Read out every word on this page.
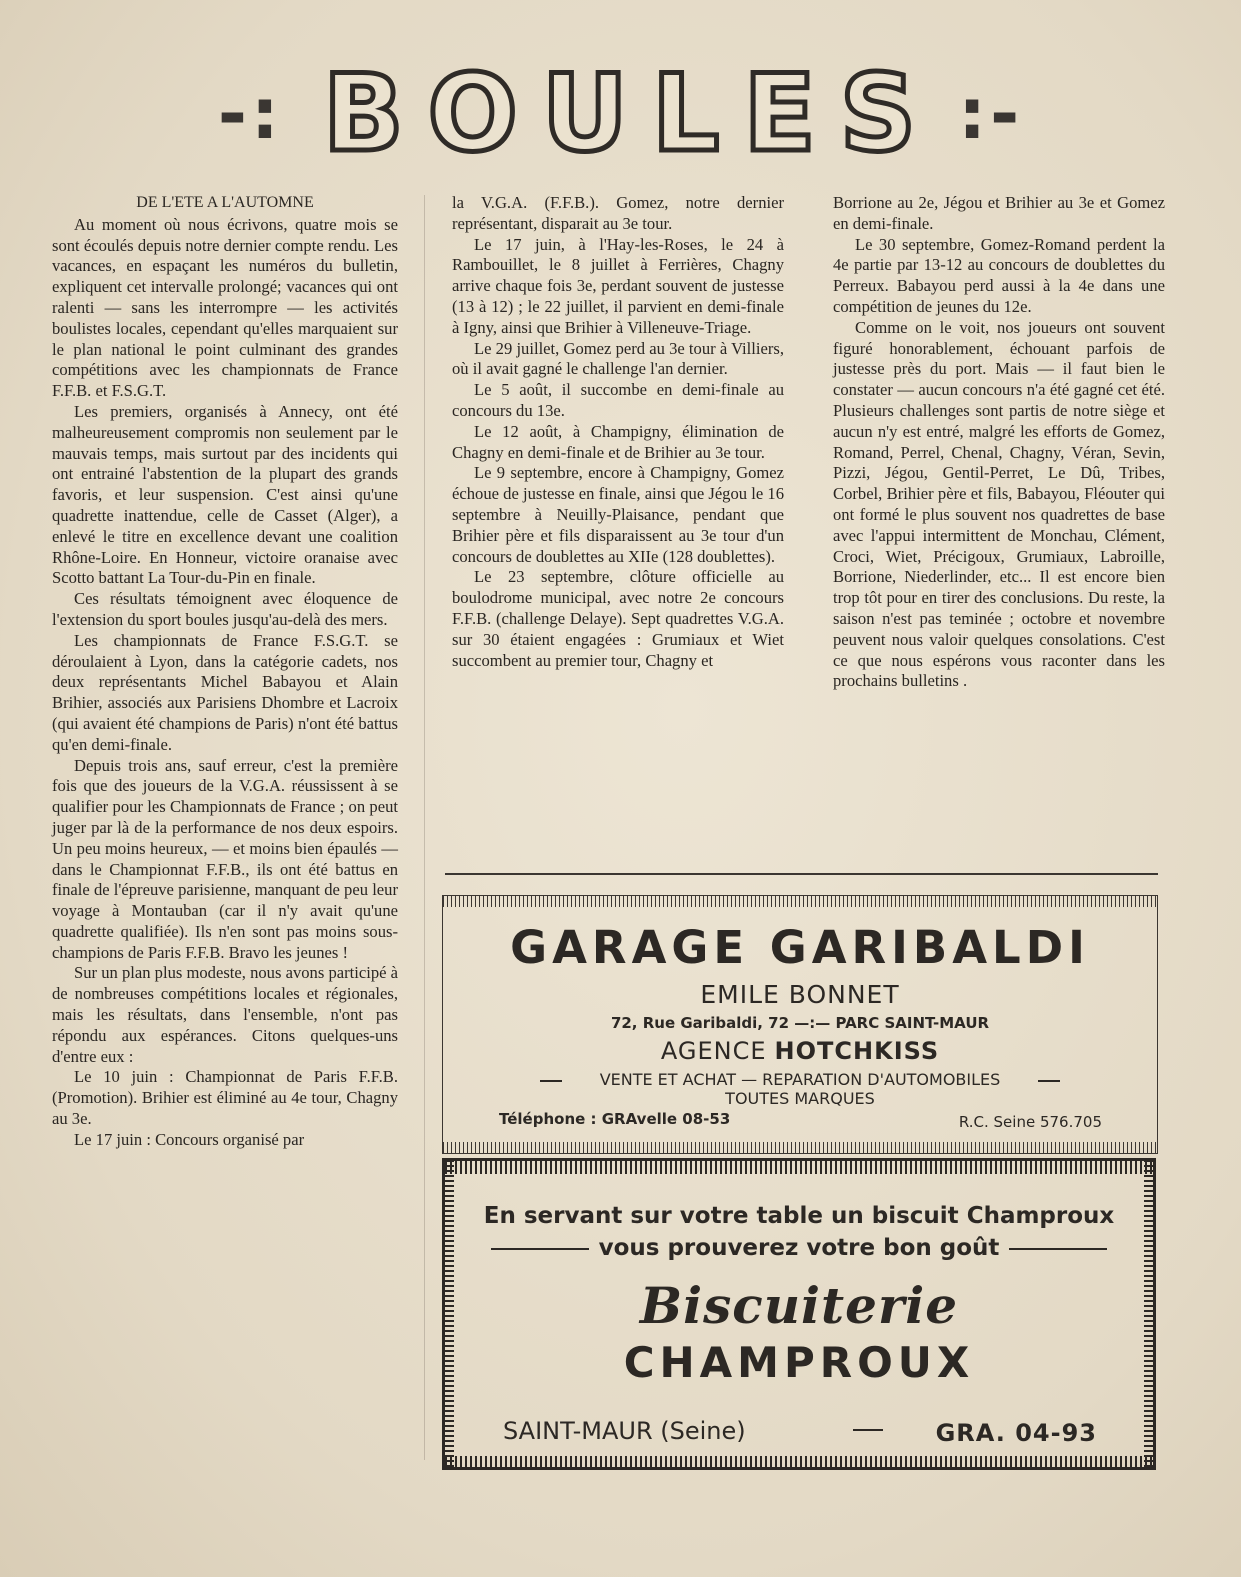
-: BOULES :-

DE L'ETE A L'AUTOMNE

Au moment où nous écrivons, quatre mois se sont écoulés depuis notre dernier compte rendu. Les vacances, en espaçant les numéros du bulletin, expliquent cet intervalle prolongé; vacances qui ont ralenti — sans les interrompre — les activités boulistes locales, cependant qu'elles marquaient sur le plan national le point culminant des grandes compétitions avec les championnats de France F.F.B. et F.S.G.T.

Les premiers, organisés à Annecy, ont été malheureusement compromis non seulement par le mauvais temps, mais surtout par des incidents qui ont entrainé l'abstention de la plupart des grands favoris, et leur suspension. C'est ainsi qu'une quadrette inattendue, celle de Casset (Alger), a enlevé le titre en excellence devant une coalition Rhône-Loire. En Honneur, victoire oranaise avec Scotto battant La Tour-du-Pin en finale.

Ces résultats témoignent avec éloquence de l'extension du sport boules jusqu'au-delà des mers.

Les championnats de France F.S.G.T. se déroulaient à Lyon, dans la catégorie cadets, nos deux représentants Michel Babayou et Alain Brihier, associés aux Parisiens Dhombre et Lacroix (qui avaient été champions de Paris) n'ont été battus qu'en demi-finale.

Depuis trois ans, sauf erreur, c'est la première fois que des joueurs de la V.G.A. réussissent à se qualifier pour les Championnats de France ; on peut juger par là de la performance de nos deux espoirs. Un peu moins heureux, — et moins bien épaulés — dans le Championnat F.F.B., ils ont été battus en finale de l'épreuve parisienne, manquant de peu leur voyage à Montauban (car il n'y avait qu'une quadrette qualifiée). Ils n'en sont pas moins sous-champions de Paris F.F.B. Bravo les jeunes !

Sur un plan plus modeste, nous avons participé à de nombreuses compétitions locales et régionales, mais les résultats, dans l'ensemble, n'ont pas répondu aux espérances. Citons quelques-uns d'entre eux :

Le 10 juin : Championnat de Paris F.F.B. (Promotion). Brihier est éliminé au 4e tour, Chagny au 3e.

Le 17 juin : Concours organisé par

la V.G.A. (F.F.B.). Gomez, notre dernier représentant, disparait au 3e tour.

Le 17 juin, à l'Hay-les-Roses, le 24 à Rambouillet, le 8 juillet à Ferrières, Chagny arrive chaque fois 3e, perdant souvent de justesse (13 à 12) ; le 22 juillet, il parvient en demi-finale à Igny, ainsi que Brihier à Villeneuve-Triage.

Le 29 juillet, Gomez perd au 3e tour à Villiers, où il avait gagné le challenge l'an dernier.

Le 5 août, il succombe en demi-finale au concours du 13e.

Le 12 août, à Champigny, élimination de Chagny en demi-finale et de Brihier au 3e tour.

Le 9 septembre, encore à Champigny, Gomez échoue de justesse en finale, ainsi que Jégou le 16 septembre à Neuilly-Plaisance, pendant que Brihier père et fils disparaissent au 3e tour d'un concours de doublettes au XIIe (128 doublettes).

Le 23 septembre, clôture officielle au boulodrome municipal, avec notre 2e concours F.F.B. (challenge Delaye). Sept quadrettes V.G.A. sur 30 étaient engagées : Grumiaux et Wiet succombent au premier tour, Chagny et

Borrione au 2e, Jégou et Brihier au 3e et Gomez en demi-finale.

Le 30 septembre, Gomez-Romand perdent la 4e partie par 13-12 au concours de doublettes du Perreux. Babayou perd aussi à la 4e dans une compétition de jeunes du 12e.

Comme on le voit, nos joueurs ont souvent figuré honorablement, échouant parfois de justesse près du port. Mais — il faut bien le constater — aucun concours n'a été gagné cet été. Plusieurs challenges sont partis de notre siège et aucun n'y est entré, malgré les efforts de Gomez, Romand, Perrel, Chenal, Chagny, Véran, Sevin, Pizzi, Jégou, Gentil-Perret, Le Dû, Tribes, Corbel, Brihier père et fils, Babayou, Fléouter qui ont formé le plus souvent nos quadrettes de base avec l'appui intermittent de Monchau, Clément, Croci, Wiet, Précigoux, Grumiaux, Labroille, Borrione, Niederlinder, etc... Il est encore bien trop tôt pour en tirer des conclusions. Du reste, la saison n'est pas teminée ; octobre et novembre peuvent nous valoir quelques consolations. C'est ce que nous espérons vous raconter dans les prochains bulletins .

GARAGE GARIBALDI
EMILE BONNET
72, Rue Garibaldi, 72 —:— PARC SAINT-MAUR
AGENCE HOTCHKISS
VENTE ET ACHAT — REPARATION D'AUTOMOBILES
TOUTES MARQUES
Téléphone : GRAvelle 08-53	R.C. Seine 576.705
En servant sur votre table un biscuit Champroux
vous prouverez votre bon goût
Biscuiterie
CHAMPROUX
SAINT-MAUR (Seine)	GRA. 04-93
